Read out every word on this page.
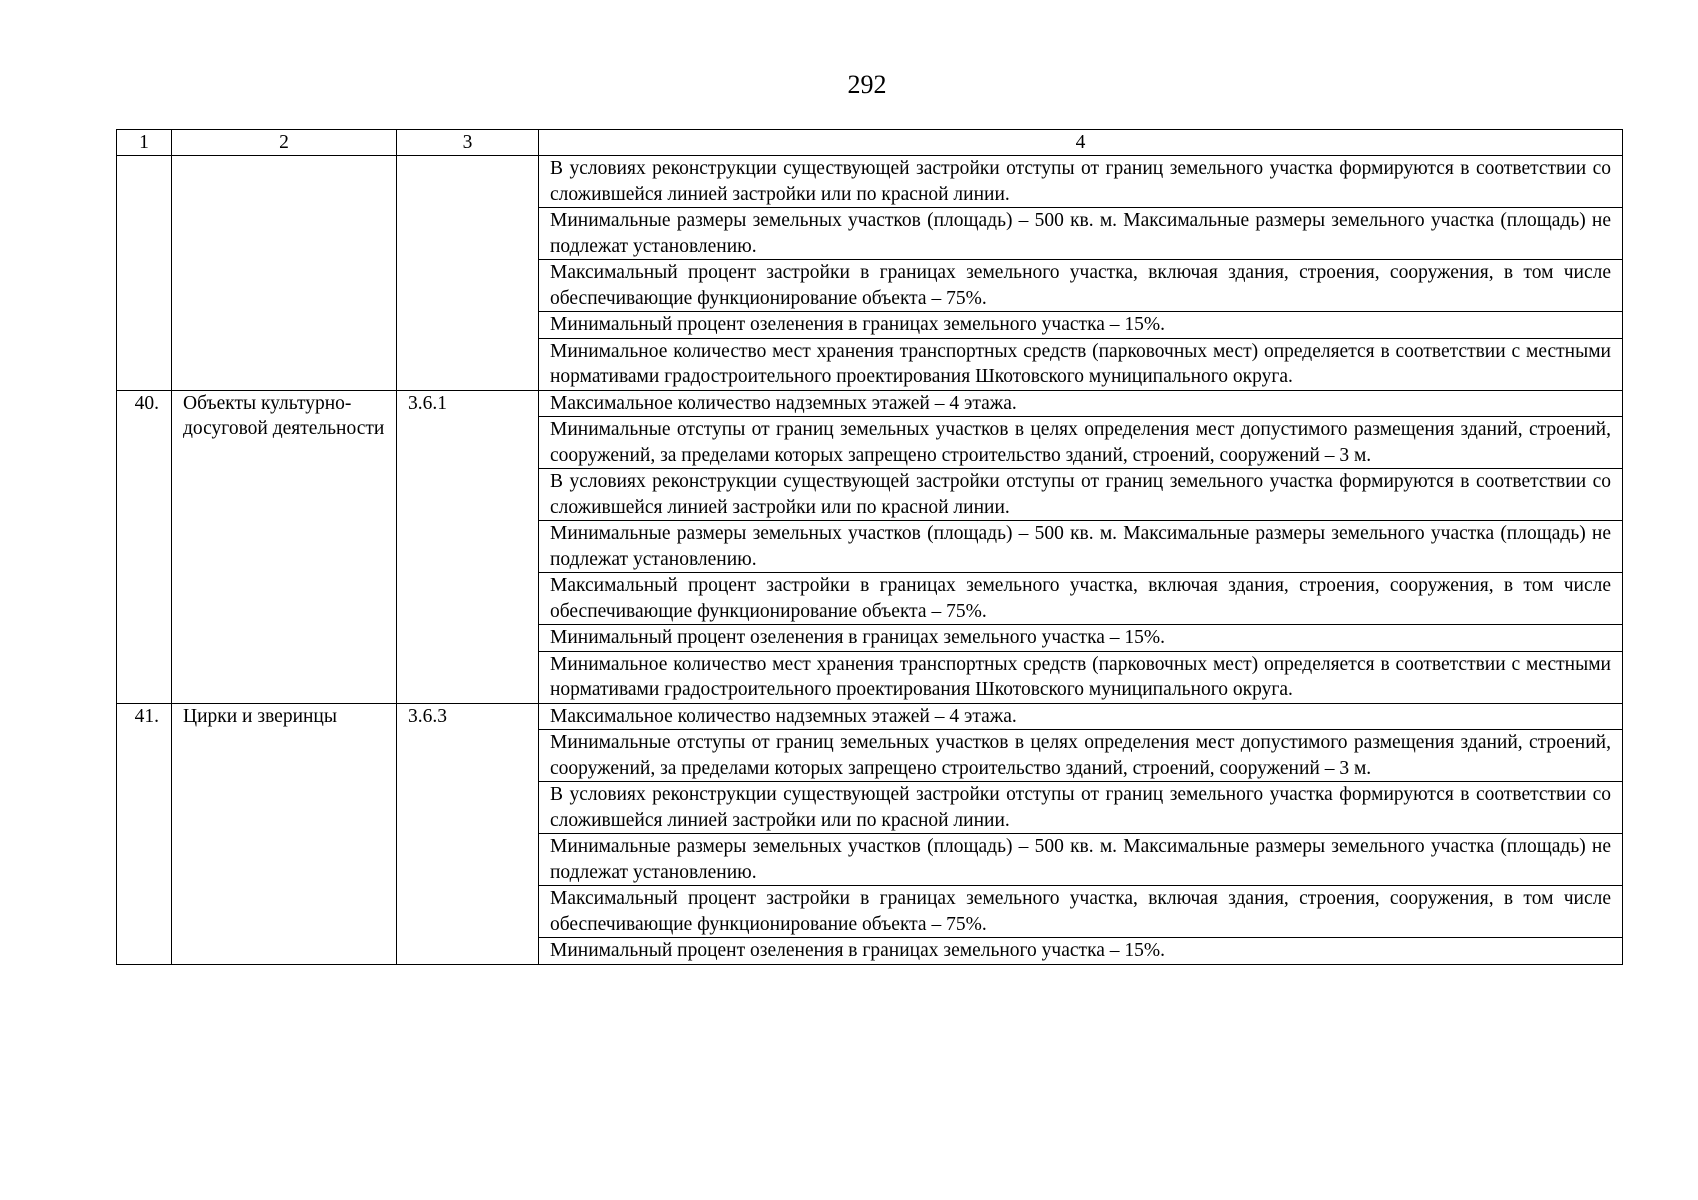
292
1	2	3	4
			В условиях реконструкции существующей застройки отступы от границ земельного участка формируются в соответствии со сложившейся линией застройки или по красной линии.
			Минимальные размеры земельных участков (площадь) – 500 кв. м. Максимальные размеры земельного участка (площадь) не подлежат установлению.
			Максимальный процент застройки в границах земельного участка, включая здания, строения, сооружения, в том числе обеспечивающие функционирование объекта – 75%.
			Минимальный процент озеленения в границах земельного участка – 15%.
			Минимальное количество мест хранения транспортных средств (парковочных мест) определяется в соответствии с местными нормативами градостроительного проектирования Шкотовского муниципального округа.
40.	Объекты культурно-досуговой деятельности	3.6.1	Максимальное количество надземных этажей – 4 этажа.
			Минимальные отступы от границ земельных участков в целях определения мест допустимого размещения зданий, строений, сооружений, за пределами которых запрещено строительство зданий, строений, сооружений – 3 м.
			В условиях реконструкции существующей застройки отступы от границ земельного участка формируются в соответствии со сложившейся линией застройки или по красной линии.
			Минимальные размеры земельных участков (площадь) – 500 кв. м. Максимальные размеры земельного участка (площадь) не подлежат установлению.
			Максимальный процент застройки в границах земельного участка, включая здания, строения, сооружения, в том числе обеспечивающие функционирование объекта – 75%.
			Минимальный процент озеленения в границах земельного участка – 15%.
			Минимальное количество мест хранения транспортных средств (парковочных мест) определяется в соответствии с местными нормативами градостроительного проектирования Шкотовского муниципального округа.
41.	Цирки и зверинцы	3.6.3	Максимальное количество надземных этажей – 4 этажа.
			Минимальные отступы от границ земельных участков в целях определения мест допустимого размещения зданий, строений, сооружений, за пределами которых запрещено строительство зданий, строений, сооружений – 3 м.
			В условиях реконструкции существующей застройки отступы от границ земельного участка формируются в соответствии со сложившейся линией застройки или по красной линии.
			Минимальные размеры земельных участков (площадь) – 500 кв. м. Максимальные размеры земельного участка (площадь) не подлежат установлению.
			Максимальный процент застройки в границах земельного участка, включая здания, строения, сооружения, в том числе обеспечивающие функционирование объекта – 75%.
			Минимальный процент озеленения в границах земельного участка – 15%.
